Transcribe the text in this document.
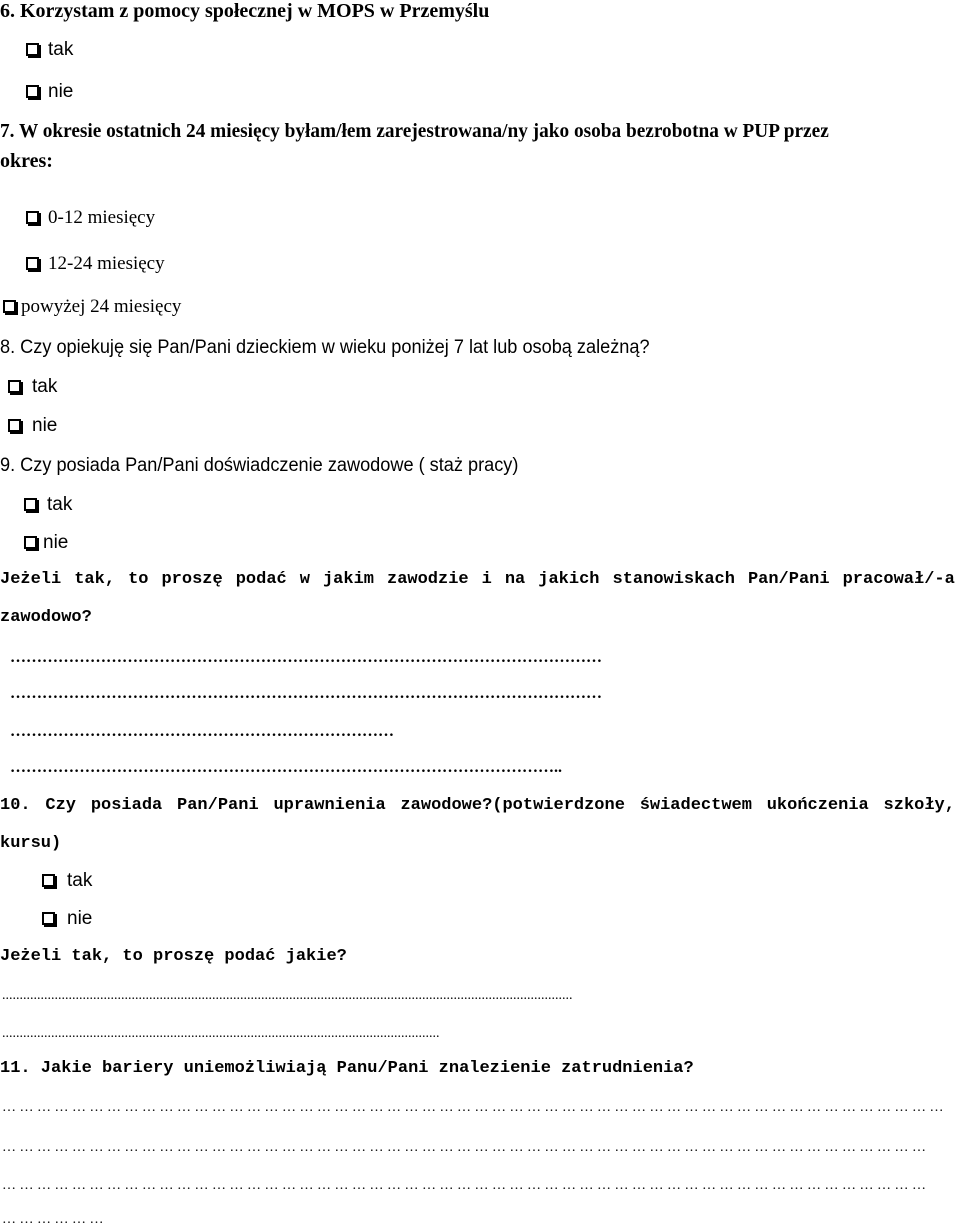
6. Korzystam z pomocy społecznej w MOPS w Przemyślu
tak
nie
7. W okresie ostatnich 24 miesięcy byłam/łem zarejestrowana/ny jako osoba bezrobotna w PUP przez
okres:
0-12 miesięcy
12-24 miesięcy
powyżej 24 miesięcy
8. Czy opiekuję się Pan/Pani dzieckiem w wieku poniżej 7 lat lub osobą zależną?
tak
nie
9. Czy posiada Pan/Pani doświadczenie zawodowe ( staż pracy)
tak
nie
Jeżeli tak, to proszę podać w jakim zawodzie i na jakich stanowiskach Pan/Pani pracował/-a
zawodowo?
…………………………………………………………………………………………………
…………………………………………………………………………………………………
………………………………………………………………
…………………………………………………………………………………………..
10. Czy posiada Pan/Pani uprawnienia zawodowe?(potwierdzone świadectwem ukończenia szkoły,
kursu)
tak
nie
Jeżeli tak, to proszę podać jakie?
...................................................................................................................................................................
.............................................................................................................................
11. Jakie bariery uniemożliwiają Panu/Pani znalezienie zatrudnienia?
… … … … … … … … … … … … … … … … … … … … … … … … … … … … … … … … … … … … … … … … … … … … … … … … … … … … … …
… … … … … … … … … … … … … … … … … … … … … … … … … … … … … … … … … … … … … … … … … … … … … … … … … … … … …
… … … … … … … … … … … … … … … … … … … … … … … … … … … … … … … … … … … … … … … … … … … … … … … … … … … … …
… … … … … …
